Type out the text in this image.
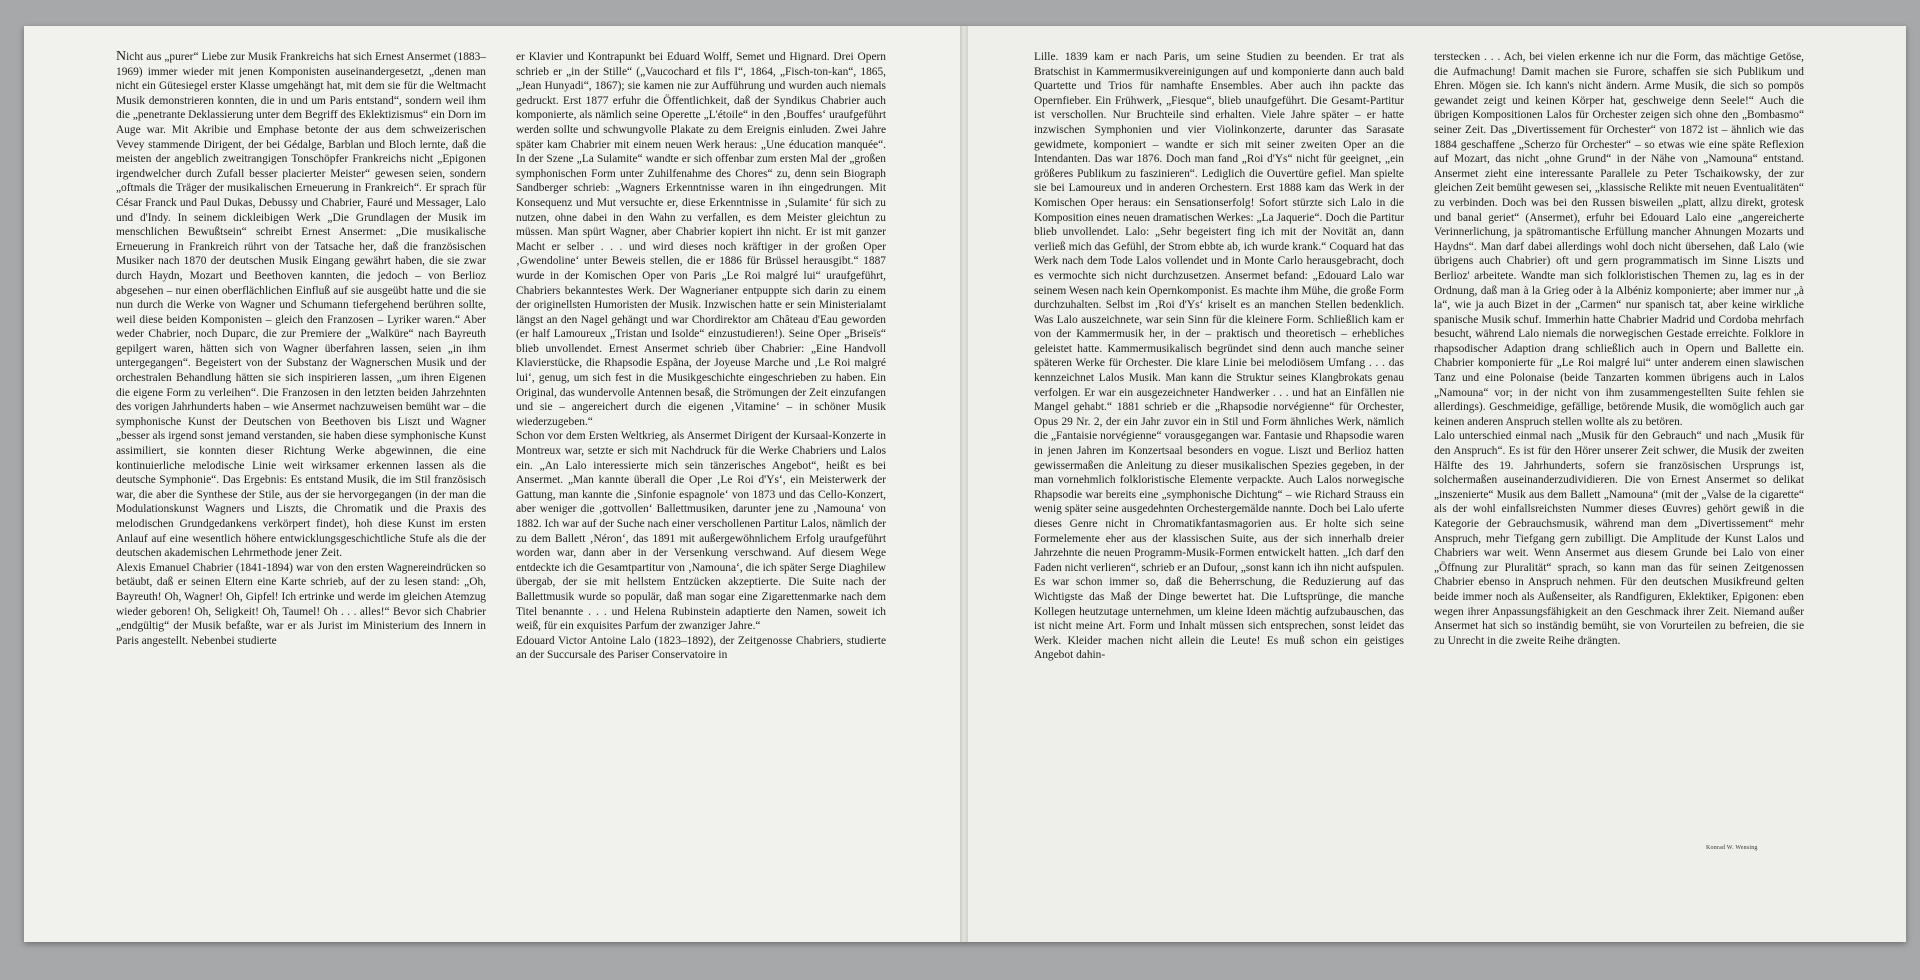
Nicht aus „purer“ Liebe zur Musik Frankreichs hat sich Ernest Ansermet (1883–1969) immer wieder mit jenen Komponisten auseinandergesetzt, „denen man nicht ein Gütesiegel erster Klasse umgehängt hat, mit dem sie für die Weltmacht Musik demonstrieren konnten, die in und um Paris entstand“, sondern weil ihm die „penetrante Deklassierung unter dem Begriff des Eklektizismus“ ein Dorn im Auge war. Mit Akribie und Emphase betonte der aus dem schweizerischen Vevey stammende Dirigent, der bei Gédalge, Barblan und Bloch lernte, daß die meisten der angeblich zweitrangigen Tonschöpfer Frankreichs nicht „Epigonen irgendwelcher durch Zufall besser placierter Meister“ gewesen seien, sondern „oftmals die Träger der musikalischen Erneuerung in Frankreich“. Er sprach für César Franck und Paul Dukas, Debussy und Chabrier, Fauré und Messager, Lalo und d'Indy. In seinem dickleibigen Werk „Die Grundlagen der Musik im menschlichen Bewußtsein“ schreibt Ernest Ansermet: „Die musikalische Erneuerung in Frankreich rührt von der Tatsache her, daß die französischen Musiker nach 1870 der deutschen Musik Eingang gewährt haben, die sie zwar durch Haydn, Mozart und Beethoven kannten, die jedoch – von Berlioz abgesehen – nur einen oberflächlichen Einfluß auf sie ausgeübt hatte und die sie nun durch die Werke von Wagner und Schumann tiefergehend berühren sollte, weil diese beiden Komponisten – gleich den Franzosen – Lyriker waren.“ Aber weder Chabrier, noch Duparc, die zur Premiere der „Walküre“ nach Bayreuth gepilgert waren, hätten sich von Wagner überfahren lassen, seien „in ihm untergegangen“. Begeistert von der Substanz der Wagnerschen Musik und der orchestralen Behandlung hätten sie sich inspirieren lassen, „um ihren Eigenen die eigene Form zu verleihen“. Die Franzosen in den letzten beiden Jahrzehnten des vorigen Jahrhunderts haben – wie Ansermet nachzuweisen bemüht war – die symphonische Kunst der Deutschen von Beethoven bis Liszt und Wagner „besser als irgend sonst jemand verstanden, sie haben diese symphonische Kunst assimiliert, sie konnten dieser Richtung Werke abgewinnen, die eine kontinuierliche melodische Linie weit wirksamer erkennen lassen als die deutsche Symphonie“. Das Ergebnis: Es entstand Musik, die im Stil französisch war, die aber die Synthese der Stile, aus der sie hervorgegangen (in der man die Modulationskunst Wagners und Liszts, die Chromatik und die Praxis des melodischen Grundgedankens verkörpert findet), hoh diese Kunst im ersten Anlauf auf eine wesentlich höhere entwicklungsgeschichtliche Stufe als die der deutschen akademischen Lehrmethode jener Zeit.

Alexis Emanuel Chabrier (1841-1894) war von den ersten Wagnereindrücken so betäubt, daß er seinen Eltern eine Karte schrieb, auf der zu lesen stand: „Oh, Bayreuth! Oh, Wagner! Oh, Gipfel! Ich ertrinke und werde im gleichen Atemzug wieder geboren! Oh, Seligkeit! Oh, Taumel! Oh . . . alles!“ Bevor sich Chabrier „endgültig“ der Musik befaßte, war er als Jurist im Ministerium des Innern in Paris angestellt. Nebenbei studierte

er Klavier und Kontrapunkt bei Eduard Wolff, Semet und Hignard. Drei Opern schrieb er „in der Stille“ („Vaucochard et fils I“, 1864, „Fisch-ton-kan“, 1865, „Jean Hunyadi“, 1867); sie kamen nie zur Aufführung und wurden auch niemals gedruckt. Erst 1877 erfuhr die Öffentlichkeit, daß der Syndikus Chabrier auch komponierte, als nämlich seine Operette „L'étoile“ in den ‚Bouffes‘ uraufgeführt werden sollte und schwungvolle Plakate zu dem Ereignis einluden. Zwei Jahre später kam Chabrier mit einem neuen Werk heraus: „Une éducation manquée“. In der Szene „La Sulamite“ wandte er sich offenbar zum ersten Mal der „großen symphonischen Form unter Zuhilfenahme des Chores“ zu, denn sein Biograph Sandberger schrieb: „Wagners Erkenntnisse waren in ihn eingedrungen. Mit Konsequenz und Mut versuchte er, diese Erkenntnisse in ‚Sulamite‘ für sich zu nutzen, ohne dabei in den Wahn zu verfallen, es dem Meister gleichtun zu müssen. Man spürt Wagner, aber Chabrier kopiert ihn nicht. Er ist mit ganzer Macht er selber . . . und wird dieses noch kräftiger in der großen Oper ‚Gwendoline‘ unter Beweis stellen, die er 1886 für Brüssel herausgibt.“ 1887 wurde in der Komischen Oper von Paris „Le Roi malgré lui“ uraufgeführt, Chabriers bekanntestes Werk. Der Wagnerianer entpuppte sich darin zu einem der originellsten Humoristen der Musik. Inzwischen hatte er sein Ministerialamt längst an den Nagel gehängt und war Chordirektor am Château d'Eau geworden (er half Lamoureux „Tristan und Isolde“ einzustudieren!). Seine Oper „Briseïs“ blieb unvollendet. Ernest Ansermet schrieb über Chabrier: „Eine Handvoll Klavierstücke, die Rhapsodie Espãna, der Joyeuse Marche und ‚Le Roi malgré lui‘, genug, um sich fest in die Musikgeschichte eingeschrieben zu haben. Ein Original, das wundervolle Antennen besaß, die Strömungen der Zeit einzufangen und sie – angereichert durch die eigenen ‚Vitamine‘ – in schöner Musik wiederzugeben.“

Schon vor dem Ersten Weltkrieg, als Ansermet Dirigent der Kursaal-Konzerte in Montreux war, setzte er sich mit Nachdruck für die Werke Chabriers und Lalos ein. „An Lalo interessierte mich sein tänzerisches Angebot“, heißt es bei Ansermet. „Man kannte überall die Oper ‚Le Roi d'Ys‘, ein Meisterwerk der Gattung, man kannte die ‚Sinfonie espagnole‘ von 1873 und das Cello-Konzert, aber weniger die ‚gottvollen‘ Ballettmusiken, darunter jene zu ‚Namouna‘ von 1882. Ich war auf der Suche nach einer verschollenen Partitur Lalos, nämlich der zu dem Ballett ‚Néron‘, das 1891 mit außergewöhnlichem Erfolg uraufgeführt worden war, dann aber in der Versenkung verschwand. Auf diesem Wege entdeckte ich die Gesamtpartitur von ‚Namouna‘, die ich später Serge Diaghilew übergab, der sie mit hellstem Entzücken akzeptierte. Die Suite nach der Ballettmusik wurde so populär, daß man sogar eine Zigarettenmarke nach dem Titel benannte . . . und Helena Rubinstein adaptierte den Namen, soweit ich weiß, für ein exquisites Parfum der zwanziger Jahre.“

Edouard Victor Antoine Lalo (1823–1892), der Zeitgenosse Chabriers, studierte an der Succursale des Pariser Conservatoire in

Lille. 1839 kam er nach Paris, um seine Studien zu beenden. Er trat als Bratschist in Kammermusikvereinigungen auf und komponierte dann auch bald Quartette und Trios für namhafte Ensembles. Aber auch ihn packte das Opernfieber. Ein Frühwerk, „Fiesque“, blieb unaufgeführt. Die Gesamt-Partitur ist verschollen. Nur Bruchteile sind erhalten. Viele Jahre später – er hatte inzwischen Symphonien und vier Violinkonzerte, darunter das Sarasate gewidmete, komponiert – wandte er sich mit seiner zweiten Oper an die Intendanten. Das war 1876. Doch man fand „Roi d'Ys“ nicht für geeignet, „ein größeres Publikum zu faszinieren“. Lediglich die Ouvertüre gefiel. Man spielte sie bei Lamoureux und in anderen Orchestern. Erst 1888 kam das Werk in der Komischen Oper heraus: ein Sensationserfolg! Sofort stürzte sich Lalo in die Komposition eines neuen dramatischen Werkes: „La Jaquerie“. Doch die Partitur blieb unvollendet. Lalo: „Sehr begeistert fing ich mit der Novität an, dann verließ mich das Gefühl, der Strom ebbte ab, ich wurde krank.“ Coquard hat das Werk nach dem Tode Lalos vollendet und in Monte Carlo herausgebracht, doch es vermochte sich nicht durchzusetzen. Ansermet befand: „Edouard Lalo war seinem Wesen nach kein Opernkomponist. Es machte ihm Mühe, die große Form durchzuhalten. Selbst im ‚Roi d'Ys‘ kriselt es an manchen Stellen bedenklich. Was Lalo auszeichnete, war sein Sinn für die kleinere Form. Schließlich kam er von der Kammermusik her, in der – praktisch und theoretisch – erhebliches geleistet hatte. Kammermusikalisch begründet sind denn auch manche seiner späteren Werke für Orchester. Die klare Linie bei melodiösem Umfang . . . das kennzeichnet Lalos Musik. Man kann die Struktur seines Klangbrokats genau verfolgen. Er war ein ausgezeichneter Handwerker . . . und hat an Einfällen nie Mangel gehabt.“ 1881 schrieb er die „Rhapsodie norvégienne“ für Orchester, Opus 29 Nr. 2, der ein Jahr zuvor ein in Stil und Form ähnliches Werk, nämlich die „Fantaisie norvégienne“ vorausgegangen war. Fantasie und Rhapsodie waren in jenen Jahren im Konzertsaal besonders en vogue. Liszt und Berlioz hatten gewissermaßen die Anleitung zu dieser musikalischen Spezies gegeben, in der man vornehmlich folkloristische Elemente verpackte. Auch Lalos norwegische Rhapsodie war bereits eine „symphonische Dichtung“ – wie Richard Strauss ein wenig später seine ausgedehnten Orchestergemälde nannte. Doch bei Lalo uferte dieses Genre nicht in Chromatikfantasmagorien aus. Er holte sich seine Formelemente eher aus der klassischen Suite, aus der sich innerhalb dreier Jahrzehnte die neuen Programm-Musik-Formen entwickelt hatten. „Ich darf den Faden nicht verlieren“, schrieb er an Dufour, „sonst kann ich ihn nicht aufspulen. Es war schon immer so, daß die Beherrschung, die Reduzierung auf das Wichtigste das Maß der Dinge bewertet hat. Die Luftsprünge, die manche Kollegen heutzutage unternehmen, um kleine Ideen mächtig aufzubauschen, das ist nicht meine Art. Form und Inhalt müssen sich entsprechen, sonst leidet das Werk. Kleider machen nicht allein die Leute! Es muß schon ein geistiges Angebot dahin-

terstecken . . . Ach, bei vielen erkenne ich nur die Form, das mächtige Getöse, die Aufmachung! Damit machen sie Furore, schaffen sie sich Publikum und Ehren. Mögen sie. Ich kann's nicht ändern. Arme Musik, die sich so pompös gewandet zeigt und keinen Körper hat, geschweige denn Seele!“ Auch die übrigen Kompositionen Lalos für Orchester zeigen sich ohne den „Bombasmo“ seiner Zeit. Das „Divertissement für Orchester“ von 1872 ist – ähnlich wie das 1884 geschaffene „Scherzo für Orchester“ – so etwas wie eine späte Reflexion auf Mozart, das nicht „ohne Grund“ in der Nähe von „Namouna“ entstand. Ansermet zieht eine interessante Parallele zu Peter Tschaikowsky, der zur gleichen Zeit bemüht gewesen sei, „klassische Relikte mit neuen Eventualitäten“ zu verbinden. Doch was bei den Russen bisweilen „platt, allzu direkt, grotesk und banal geriet“ (Ansermet), erfuhr bei Edouard Lalo eine „angereicherte Verinnerlichung, ja spätromantische Erfüllung mancher Ahnungen Mozarts und Haydns“. Man darf dabei allerdings wohl doch nicht übersehen, daß Lalo (wie übrigens auch Chabrier) oft und gern programmatisch im Sinne Liszts und Berlioz' arbeitete. Wandte man sich folkloristischen Themen zu, lag es in der Ordnung, daß man à la Grieg oder à la Albéniz komponierte; aber immer nur „à la“, wie ja auch Bizet in der „Carmen“ nur spanisch tat, aber keine wirkliche spanische Musik schuf. Immerhin hatte Chabrier Madrid und Cordoba mehrfach besucht, während Lalo niemals die norwegischen Gestade erreichte. Folklore in rhapsodischer Adaption drang schließlich auch in Opern und Ballette ein. Chabrier komponierte für „Le Roi malgré lui“ unter anderem einen slawischen Tanz und eine Polonaise (beide Tanzarten kommen übrigens auch in Lalos „Namouna“ vor; in der nicht von ihm zusammengestellten Suite fehlen sie allerdings). Geschmeidige, gefällige, betörende Musik, die womöglich auch gar keinen anderen Anspruch stellen wollte als zu betören.

Lalo unterschied einmal nach „Musik für den Gebrauch“ und nach „Musik für den Anspruch“. Es ist für den Hörer unserer Zeit schwer, die Musik der zweiten Hälfte des 19. Jahrhunderts, sofern sie französischen Ursprungs ist, solchermaßen auseinanderzudividieren. Die von Ernest Ansermet so delikat „inszenierte“ Musik aus dem Ballett „Namouna“ (mit der „Valse de la cigarette“ als der wohl einfallsreichsten Nummer dieses Œuvres) gehört gewiß in die Kategorie der Gebrauchsmusik, während man dem „Divertissement“ mehr Anspruch, mehr Tiefgang gern zubilligt. Die Amplitude der Kunst Lalos und Chabriers war weit. Wenn Ansermet aus diesem Grunde bei Lalo von einer „Öffnung zur Pluralität“ sprach, so kann man das für seinen Zeitgenossen Chabrier ebenso in Anspruch nehmen. Für den deutschen Musikfreund gelten beide immer noch als Außenseiter, als Randfiguren, Eklektiker, Epigonen: eben wegen ihrer Anpassungsfähigkeit an den Geschmack ihrer Zeit. Niemand außer Ansermet hat sich so inständig bemüht, sie von Vorurteilen zu befreien, die sie zu Unrecht in die zweite Reihe drängten.

Konrad W. Wensing
